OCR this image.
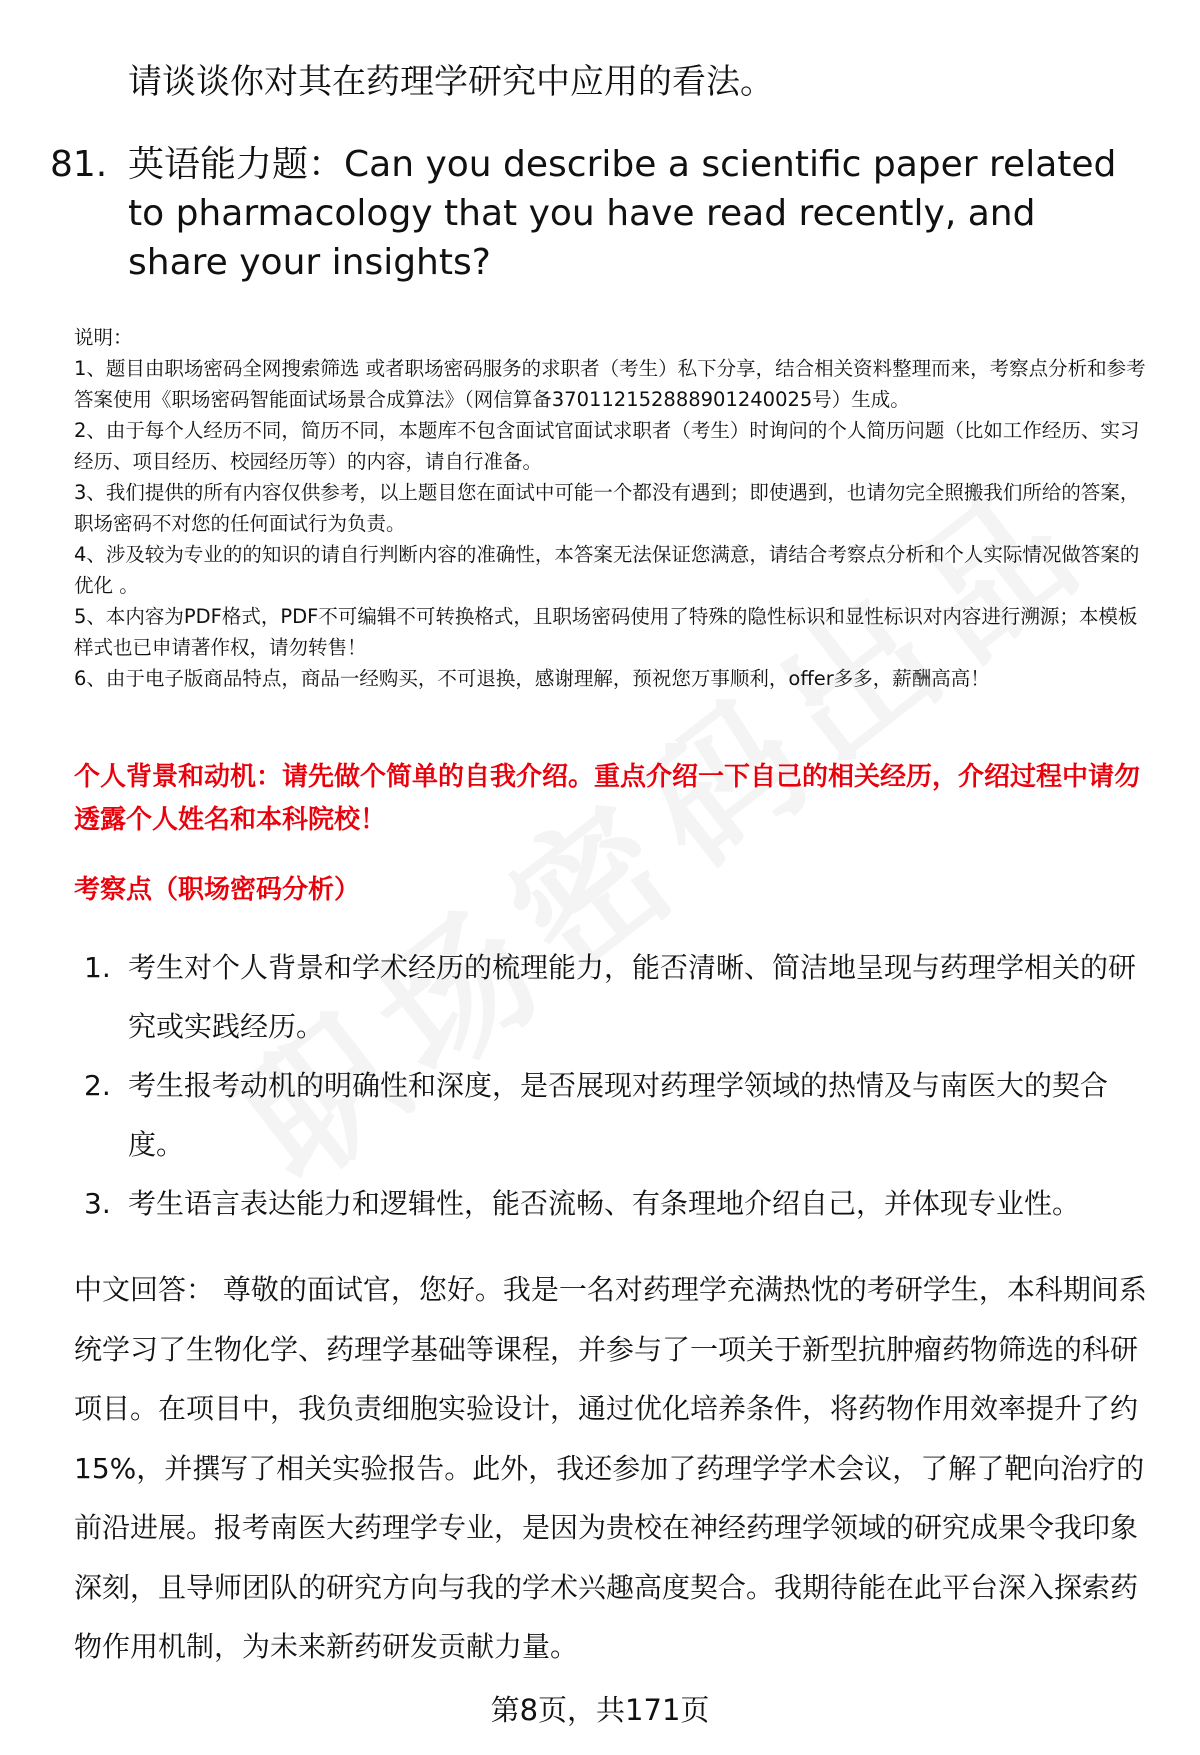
请谈谈你对其在药理学研究中应用的看法。
81. 英语能力题：Can you describe a scientific paper related to pharmacology that you have read recently, and share your insights?

说明：

1、题目由职场密码全网搜索筛选 或者职场密码服务的求职者（考生）私下分享，结合相关资料整理而来，考察点分析和参考答案使用《职场密码智能面试场景合成算法》（网信算备370112152888901240025号）生成。

2、由于每个人经历不同，简历不同，本题库不包含面试官面试求职者（考生）时询问的个人简历问题（比如工作经历、实习经历、项目经历、校园经历等）的内容，请自行准备。

3、我们提供的所有内容仅供参考，以上题目您在面试中可能一个都没有遇到；即使遇到，也请勿完全照搬我们所给的答案，职场密码不对您的任何面试行为负责。

4、涉及较为专业的的知识的请自行判断内容的准确性，本答案无法保证您满意，请结合考察点分析和个人实际情况做答案的优化 。

5、本内容为PDF格式，PDF不可编辑不可转换格式，且职场密码使用了特殊的隐性标识和显性标识对内容进行溯源；本模板样式也已申请著作权，请勿转售！

6、由于电子版商品特点，商品一经购买，不可退换，感谢理解，预祝您万事顺利，offer多多，薪酬高高！

个人背景和动机：请先做个简单的自我介绍。重点介绍一下自己的相关经历，介绍过程中请勿透露个人姓名和本科院校！
考察点（职场密码分析）
1. 考生对个人背景和学术经历的梳理能力，能否清晰、简洁地呈现与药理学相关的研究或实践经历。
2. 考生报考动机的明确性和深度，是否展现对药理学领域的热情及与南医大的契合度。
3. 考生语言表达能力和逻辑性，能否流畅、有条理地介绍自己，并体现专业性。

中文回答： 尊敬的面试官，您好。我是一名对药理学充满热忱的考研学生，本科期间系统学习了生物化学、药理学基础等课程，并参与了一项关于新型抗肿瘤药物筛选的科研项目。在项目中，我负责细胞实验设计，通过优化培养条件，将药物作用效率提升了约15%，并撰写了相关实验报告。此外，我还参加了药理学学术会议，了解了靶向治疗的前沿进展。报考南医大药理学专业，是因为贵校在神经药理学领域的研究成果令我印象深刻，且导师团队的研究方向与我的学术兴趣高度契合。我期待能在此平台深入探索药物作用机制，为未来新药研发贡献力量。

第8页，共171页
